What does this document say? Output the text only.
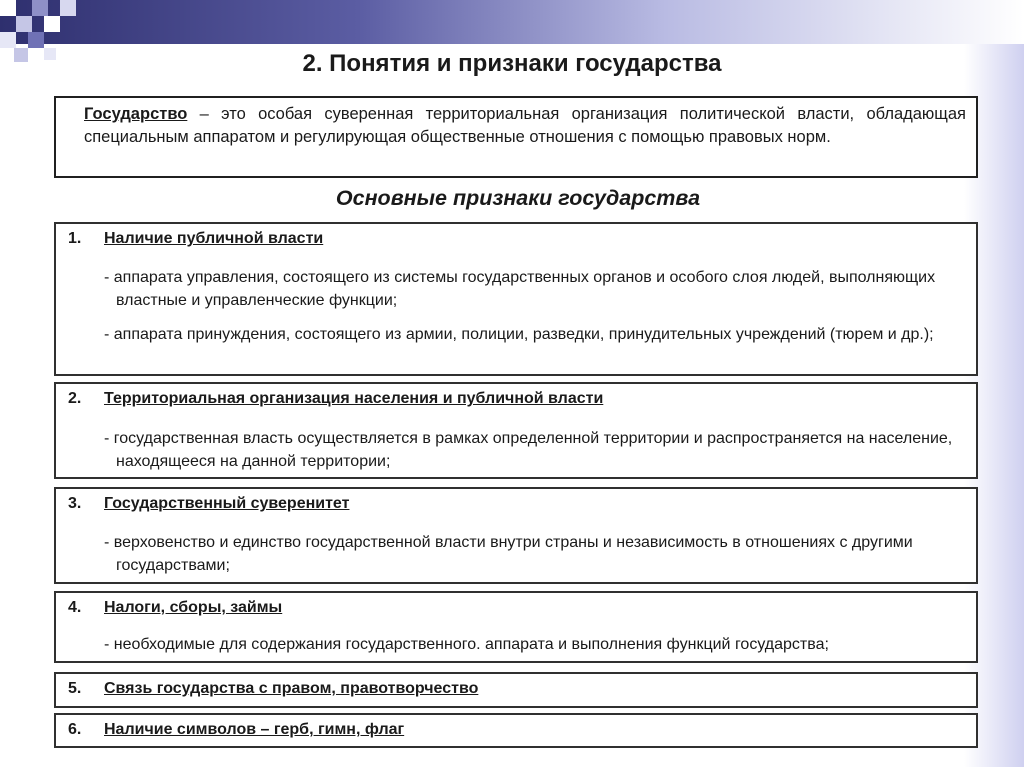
2. Понятия и признаки государства
Государство – это особая суверенная территориальная организация политической власти, обладающая специальным аппаратом и регулирующая общественные отношения с помощью правовых норм.
Основные признаки государства
1. Наличие публичной власти
- аппарата управления, состоящего из системы государственных органов и особого слоя людей, выполняющих властные и управленческие функции;
- аппарата принуждения, состоящего из армии, полиции, разведки, принудительных учреждений (тюрем и др.);
2. Территориальная организация населения и публичной власти
- государственная власть осуществляется в рамках определенной территории и распространяется на население, находящееся на данной территории;
3. Государственный суверенитет
- верховенство и единство государственной власти внутри страны и независимость в отношениях с другими государствами;
4. Налоги, сборы, займы
- необходимые для содержания государственного. аппарата и выполнения функций государства;
5. Связь государства с правом, правотворчество
6. Наличие символов – герб, гимн, флаг
